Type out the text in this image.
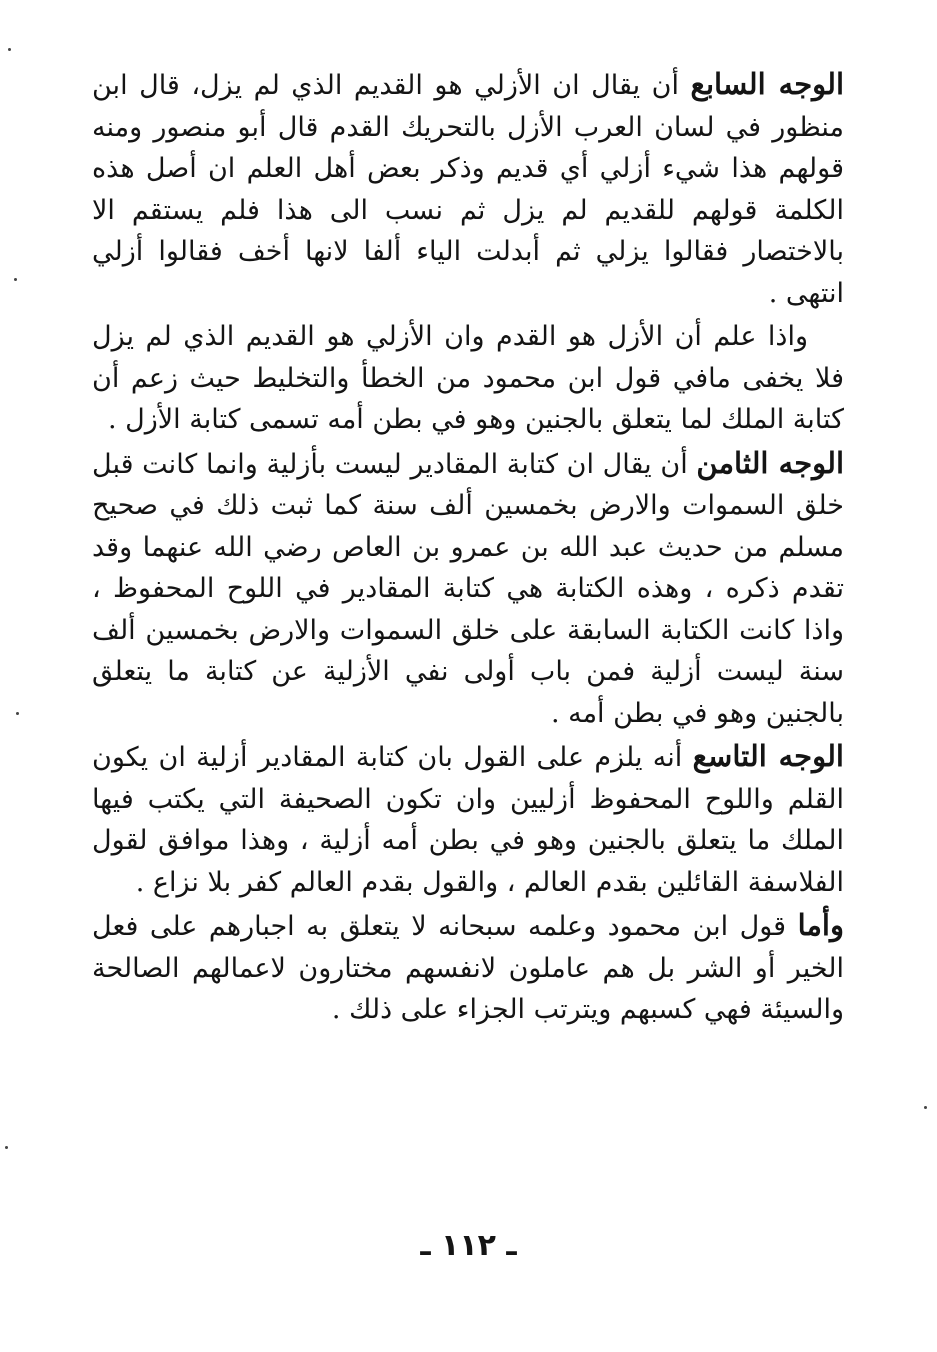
الوجه السابع أن يقال ان الأزلي هو القديم الذي لم يزل، قال ابن منظور في لسان العرب الأزل بالتحريك القدم قال أبو منصور ومنه قولهم هذا شيء أزلي أي قديم وذكر بعض أهل العلم ان أصل هذه الكلمة قولهم للقديم لم يزل ثم نسب الى هذا فلم يستقم الا بالاختصار فقالوا يزلي ثم أبدلت الياء ألفا لانها أخف فقالوا أزلي انتهى .

واذا علم أن الأزل هو القدم وان الأزلي هو القديم الذي لم يزل فلا يخفى مافي قول ابن محمود من الخطأ والتخليط حيث زعم أن كتابة الملك لما يتعلق بالجنين وهو في بطن أمه تسمى كتابة الأزل .

الوجه الثامن أن يقال ان كتابة المقادير ليست بأزلية وانما كانت قبل خلق السموات والارض بخمسين ألف سنة كما ثبت ذلك في صحيح مسلم من حديث عبد الله بن عمرو بن العاص رضي الله عنهما وقد تقدم ذكره ، وهذه الكتابة هي كتابة المقادير في اللوح المحفوظ ، واذا كانت الكتابة السابقة على خلق السموات والارض بخمسين ألف سنة ليست أزلية فمن باب أولى نفي الأزلية عن كتابة ما يتعلق بالجنين وهو في بطن أمه .

الوجه التاسع أنه يلزم على القول بان كتابة المقادير أزلية ان يكون القلم واللوح المحفوظ أزليين وان تكون الصحيفة التي يكتب فيها الملك ما يتعلق بالجنين وهو في بطن أمه أزلية ، وهذا موافق لقول الفلاسفة القائلين بقدم العالم ، والقول بقدم العالم كفر بلا نزاع .

وأما قول ابن محمود وعلمه سبحانه لا يتعلق به اجبارهم على فعل الخير أو الشر بل هم عاملون لانفسهم مختارون لاعمالهم الصالحة والسيئة فهي كسبهم ويترتب الجزاء على ذلك .

ـ ١١٢ ـ
